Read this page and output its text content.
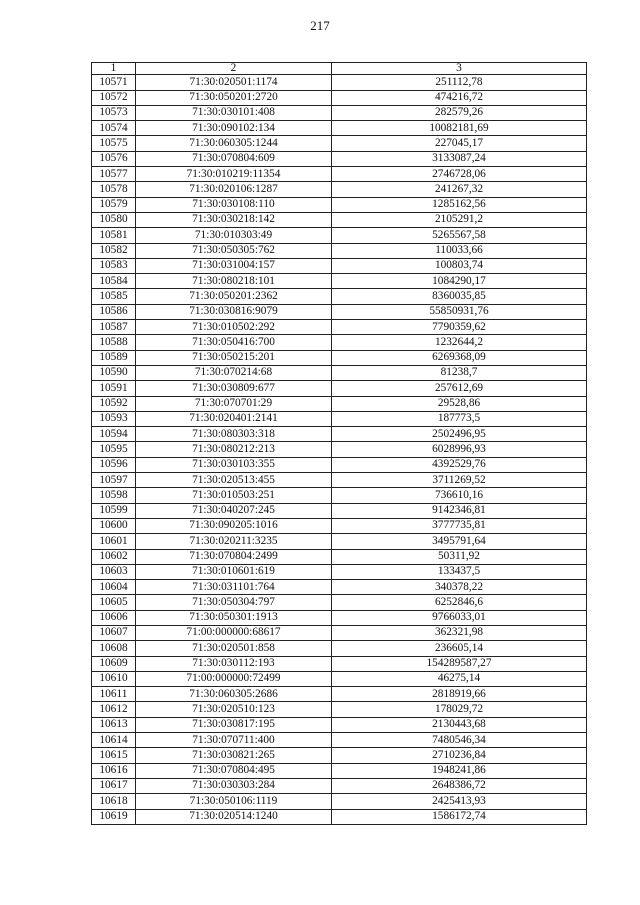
217
1	2	3
10571	71:30:020501:1174	251112,78
10572	71:30:050201:2720	474216,72
10573	71:30:030101:408	282579,26
10574	71:30:090102:134	10082181,69
10575	71:30:060305:1244	227045,17
10576	71:30:070804:609	3133087,24
10577	71:30:010219:11354	2746728,06
10578	71:30:020106:1287	241267,32
10579	71:30:030108:110	1285162,56
10580	71:30:030218:142	2105291,2
10581	71:30:010303:49	5265567,58
10582	71:30:050305:762	110033,66
10583	71:30:031004:157	100803,74
10584	71:30:080218:101	1084290,17
10585	71:30:050201:2362	8360035,85
10586	71:30:030816:9079	55850931,76
10587	71:30:010502:292	7790359,62
10588	71:30:050416:700	1232644,2
10589	71:30:050215:201	6269368,09
10590	71:30:070214:68	81238,7
10591	71:30:030809:677	257612,69
10592	71:30:070701:29	29528,86
10593	71:30:020401:2141	187773,5
10594	71:30:080303:318	2502496,95
10595	71:30:080212:213	6028996,93
10596	71:30:030103:355	4392529,76
10597	71:30:020513:455	3711269,52
10598	71:30:010503:251	736610,16
10599	71:30:040207:245	9142346,81
10600	71:30:090205:1016	3777735,81
10601	71:30:020211:3235	3495791,64
10602	71:30:070804:2499	50311,92
10603	71:30:010601:619	133437,5
10604	71:30:031101:764	340378,22
10605	71:30:050304:797	6252846,6
10606	71:30:050301:1913	9766033,01
10607	71:00:000000:68617	362321,98
10608	71:30:020501:858	236605,14
10609	71:30:030112:193	154289587,27
10610	71:00:000000:72499	46275,14
10611	71:30:060305:2686	2818919,66
10612	71:30:020510:123	178029,72
10613	71:30:030817:195	2130443,68
10614	71:30:070711:400	7480546,34
10615	71:30:030821:265	2710236,84
10616	71:30:070804:495	1948241,86
10617	71:30:030303:284	2648386,72
10618	71:30:050106:1119	2425413,93
10619	71:30:020514:1240	1586172,74
